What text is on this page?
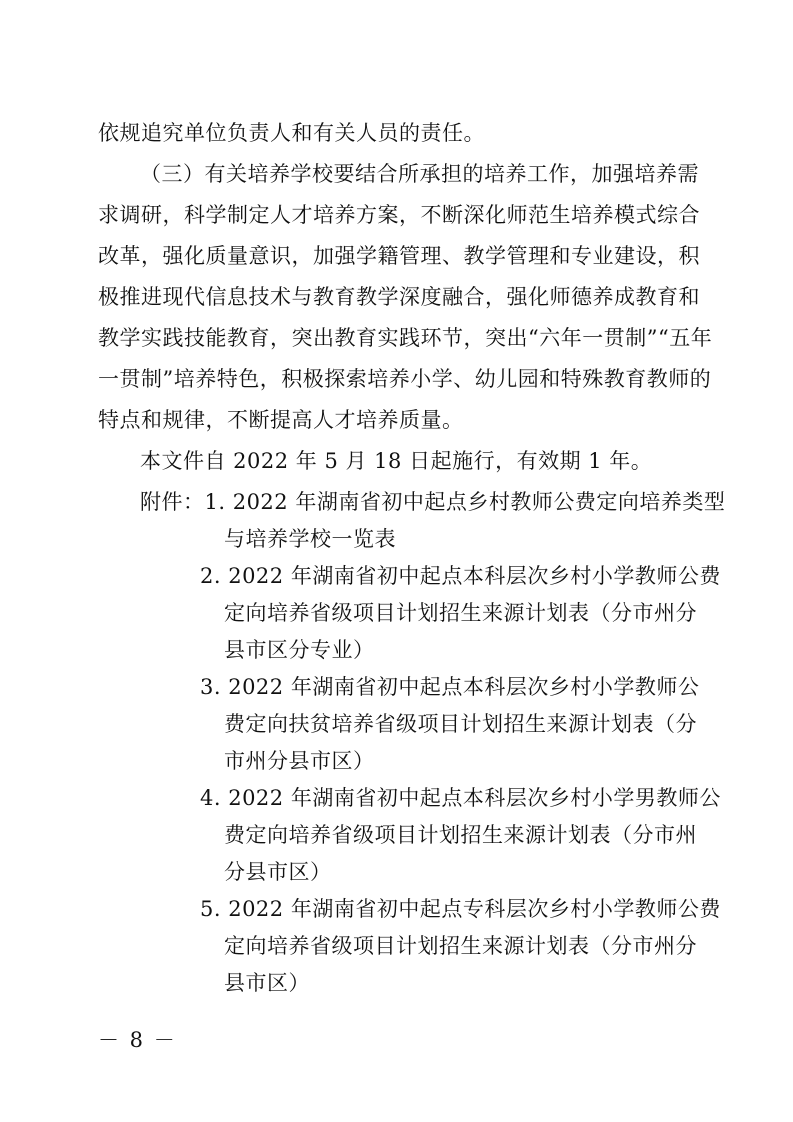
依规追究单位负责人和有关人员的责任。
（三）有关培养学校要结合所承担的培养工作，加强培养需
求调研，科学制定人才培养方案，不断深化师范生培养模式综合
改革，强化质量意识，加强学籍管理、教学管理和专业建设，积
极推进现代信息技术与教育教学深度融合，强化师德养成教育和
教学实践技能教育，突出教育实践环节，突出“六年一贯制”“五年
一贯制”培养特色，积极探索培养小学、幼儿园和特殊教育教师的
特点和规律，不断提高人才培养质量。
本文件自 2022 年 5 月 18 日起施行，有效期 1 年。
附件：1. 2022 年湖南省初中起点乡村教师公费定向培养类型
与培养学校一览表
2. 2022 年湖南省初中起点本科层次乡村小学教师公费
定向培养省级项目计划招生来源计划表（分市州分
县市区分专业）
3. 2022 年湖南省初中起点本科层次乡村小学教师公
费定向扶贫培养省级项目计划招生来源计划表（分
市州分县市区）
4. 2022 年湖南省初中起点本科层次乡村小学男教师公
费定向培养省级项目计划招生来源计划表（分市州
分县市区）
5. 2022 年湖南省初中起点专科层次乡村小学教师公费
定向培养省级项目计划招生来源计划表（分市州分
县市区）
－ 8 －
